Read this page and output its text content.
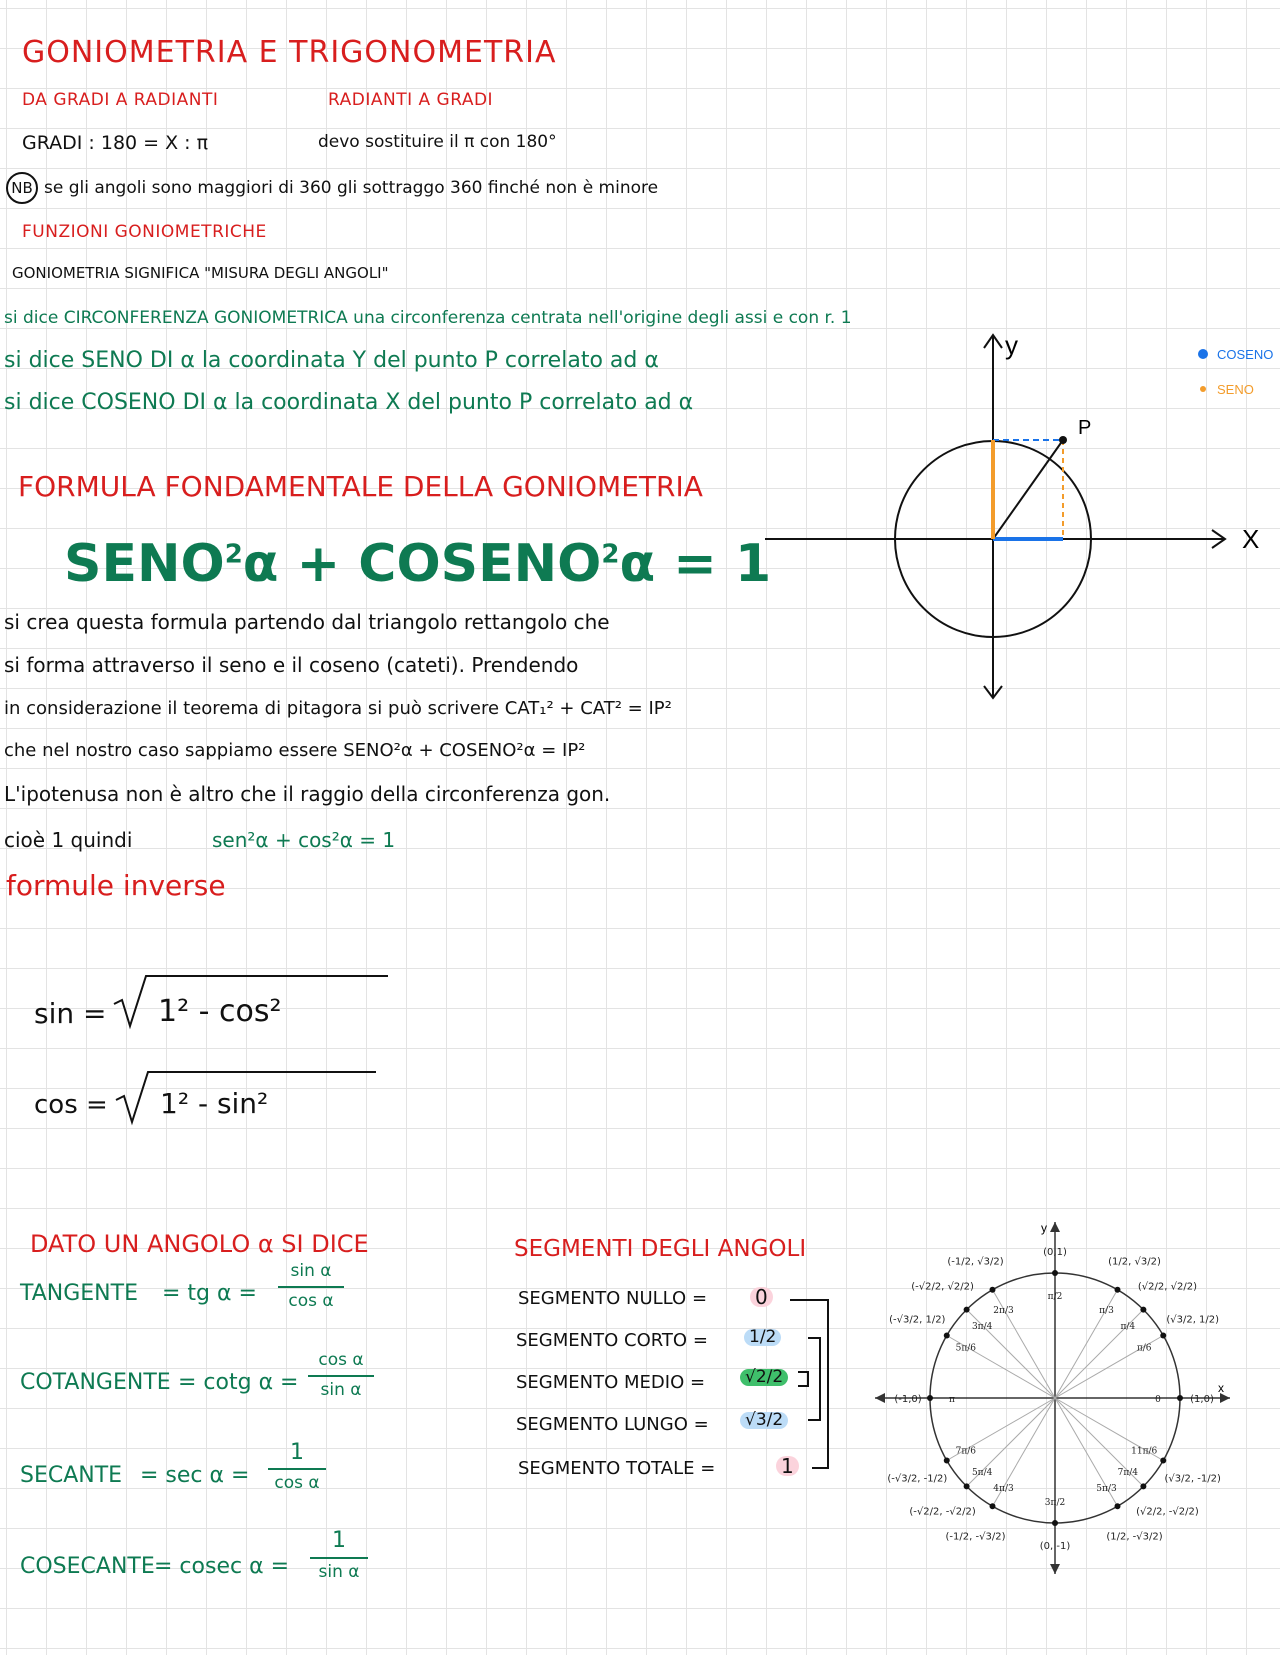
GONIOMETRIA E TRIGONOMETRIA
DA GRADI A RADIANTI	RADIANTI A GRADI
GRADI : 180 = X : π	devo sostituire il π con 180°
NB se gli angoli sono maggiori di 360 gli sottraggo 360 finché non è minore
FUNZIONI GONIOMETRICHE
GONIOMETRIA SIGNIFICA "MISURA DEGLI ANGOLI"
si dice CIRCONFERENZA GONIOMETRICA una circonferenza centrata nell'origine degli assi e con r. 1
si dice SENO DI α la coordinata Y del punto P correlato ad α
si dice COSENO DI α la coordinata X del punto P correlato ad α
P
y
X
COSENO
SENO
FORMULA FONDAMENTALE DELLA GONIOMETRIA
$SENO^2\alpha$ + $COSENO^2\alpha = 1$
si crea questa formula partendo dal triangolo rettangolo che
si forma attraverso il seno e il coseno (cateti). Prendendo
in considerazione il teorema di pitagora si può scrivere CAT₁² + CAT² = IP²
che nel nostro caso sappiamo essere SENO²α + COSENO²α = IP²
L'ipotenusa non è altro che il raggio della circonferenza gon.
cioè 1 quindi	sen²α + cos²α = 1
formule inverse
sin = 1² - cos²
cos = 1² - sin²
DATO UN ANGOLO α SI DICE
TANGENTE = tg α =
sin α
cos α
COTANGENTE = cotg α =
cos α
sin α
SECANTE = sec α =
1
cos α
COSECANTE = cosec α =
1
sin α
SEGMENTI DEGLI ANGOLI
SEGMENTO NULLO = 0
SEGMENTO CORTO = 1/2
SEGMENTO MEDIO = √2/2
SEGMENTO LUNGO = √3/2
SEGMENTO TOTALE =	1
x
y
0	(1,0)
π/6
(√3/2, 1/2)
π/4
(√2/2, √2/2)
π/3
(1/2, √3/2)
π/2
(0,1)
2π/3
(-1/2, √3/2)
3π/4
(-√2/2, √2/2)
5π/6
(-√3/2, 1/2)
π
(-1,0)
7π/6
(-√3/2, -1/2)
5π/4
(-√2/2, -√2/2)
4π/3
(-1/2, -√3/2)
3π/2
(0, -1)
5π/3
(1/2, -√3/2)
7π/4
(√2/2, -√2/2)
11π/6
(√3/2, -1/2)
